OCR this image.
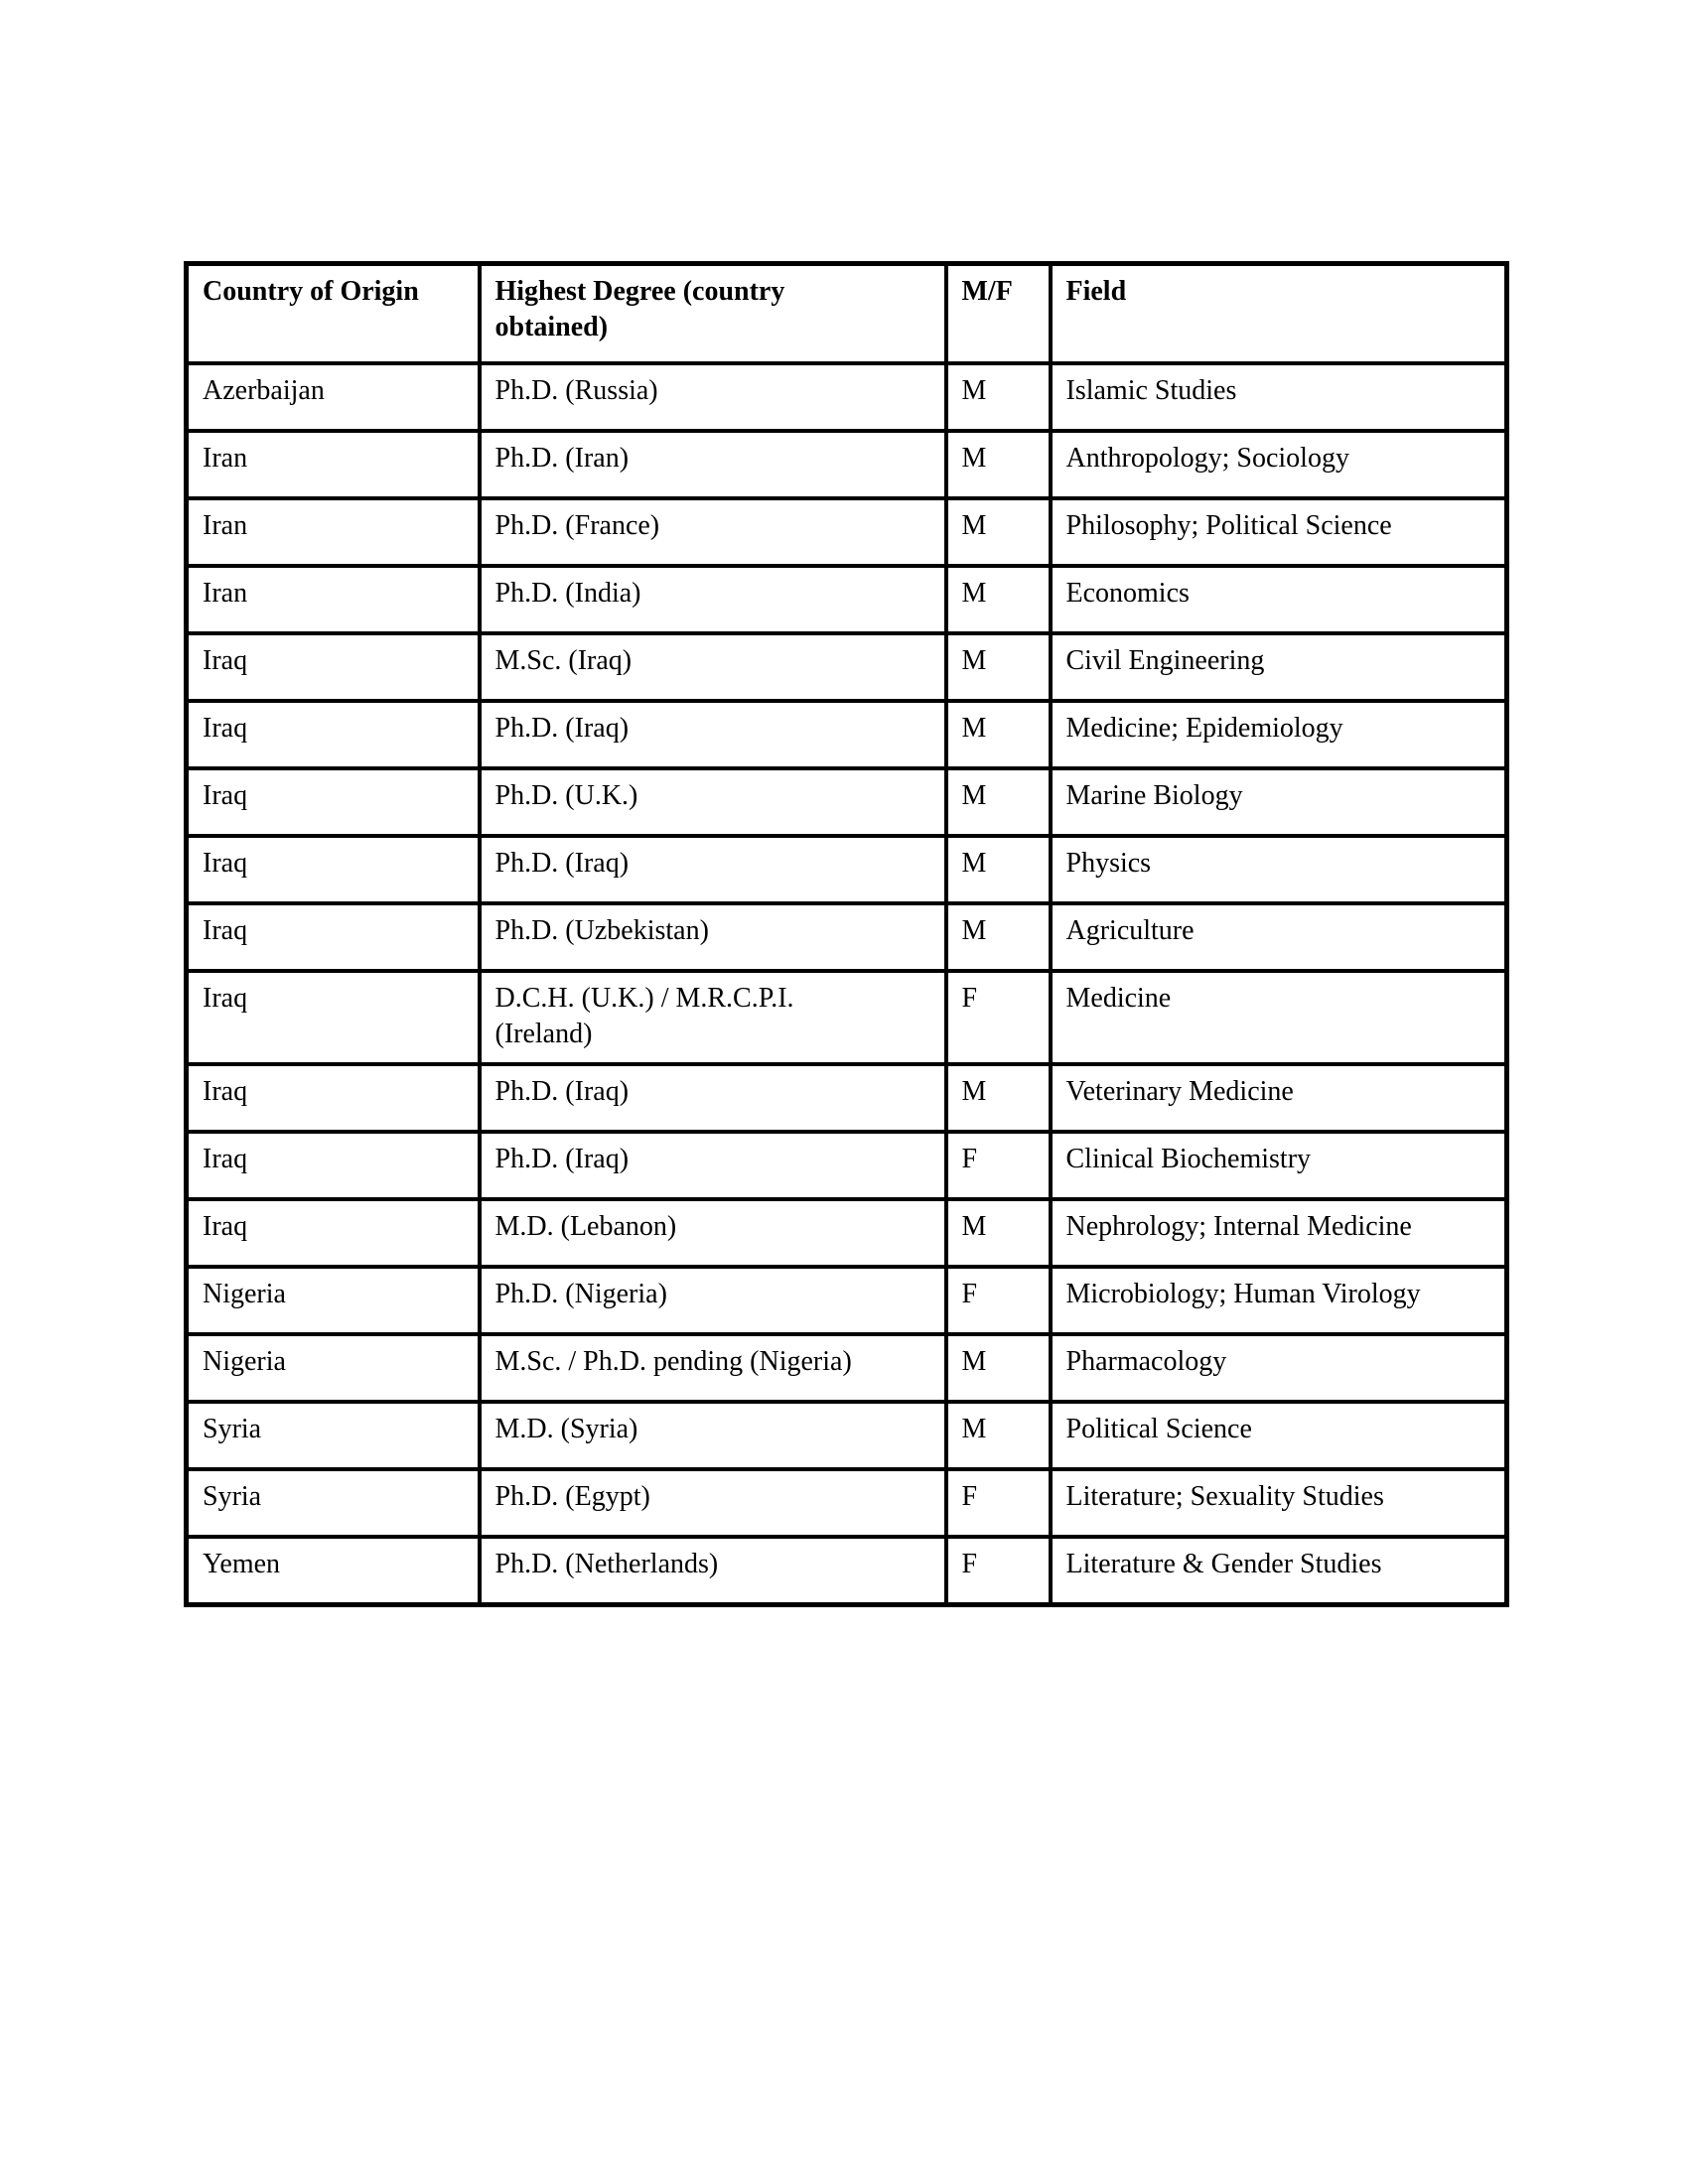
Country of Origin	Highest Degree (country obtained)	M/F	Field
Azerbaijan	Ph.D. (Russia)	M	Islamic Studies
Iran	Ph.D. (Iran)	M	Anthropology; Sociology
Iran	Ph.D. (France)	M	Philosophy; Political Science
Iran	Ph.D. (India)	M	Economics
Iraq	M.Sc. (Iraq)	M	Civil Engineering
Iraq	Ph.D. (Iraq)	M	Medicine; Epidemiology
Iraq	Ph.D. (U.K.)	M	Marine Biology
Iraq	Ph.D. (Iraq)	M	Physics
Iraq	Ph.D. (Uzbekistan)	M	Agriculture
Iraq	D.C.H. (U.K.) / M.R.C.P.I. (Ireland)	F	Medicine
Iraq	Ph.D. (Iraq)	M	Veterinary Medicine
Iraq	Ph.D. (Iraq)	F	Clinical Biochemistry
Iraq	M.D. (Lebanon)	M	Nephrology; Internal Medicine
Nigeria	Ph.D. (Nigeria)	F	Microbiology; Human Virology
Nigeria	M.Sc. / Ph.D. pending (Nigeria)	M	Pharmacology
Syria	M.D. (Syria)	M	Political Science
Syria	Ph.D. (Egypt)	F	Literature; Sexuality Studies
Yemen	Ph.D. (Netherlands)	F	Literature & Gender Studies
